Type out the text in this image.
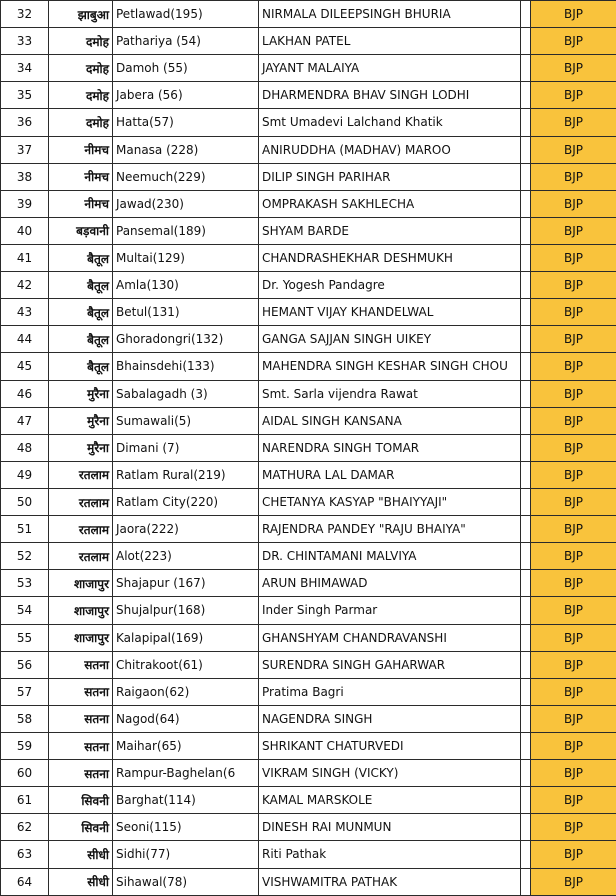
32	झाबुआ	Petlawad(195)	NIRMALA DILEEPSINGH BHURIA		BJP
33	दमोह	Pathariya (54)	LAKHAN PATEL		BJP
34	दमोह	Damoh (55)	JAYANT MALAIYA		BJP
35	दमोह	Jabera (56)	DHARMENDRA BHAV SINGH LODHI		BJP
36	दमोह	Hatta(57)	Smt Umadevi Lalchand Khatik		BJP
37	नीमच	Manasa (228)	ANIRUDDHA (MADHAV) MAROO		BJP
38	नीमच	Neemuch(229)	DILIP SINGH PARIHAR		BJP
39	नीमच	Jawad(230)	OMPRAKASH SAKHLECHA		BJP
40	बड़वानी	Pansemal(189)	SHYAM BARDE		BJP
41	बैतूल	Multai(129)	CHANDRASHEKHAR DESHMUKH		BJP
42	बैतूल	Amla(130)	Dr. Yogesh Pandagre		BJP
43	बैतूल	Betul(131)	HEMANT VIJAY KHANDELWAL		BJP
44	बैतूल	Ghoradongri(132)	GANGA SAJJAN SINGH UIKEY		BJP
45	बैतूल	Bhainsdehi(133)	MAHENDRA SINGH KESHAR SINGH CHOU		BJP
46	मुरैना	Sabalagadh (3)	Smt. Sarla vijendra Rawat		BJP
47	मुरैना	Sumawali(5)	AIDAL SINGH KANSANA		BJP
48	मुरैना	Dimani (7)	NARENDRA SINGH TOMAR		BJP
49	रतलाम	Ratlam Rural(219)	MATHURA LAL DAMAR		BJP
50	रतलाम	Ratlam City(220)	CHETANYA KASYAP "BHAIYYAJI"		BJP
51	रतलाम	Jaora(222)	RAJENDRA PANDEY "RAJU BHAIYA"		BJP
52	रतलाम	Alot(223)	DR. CHINTAMANI MALVIYA		BJP
53	शाजापुर	Shajapur (167)	ARUN BHIMAWAD		BJP
54	शाजापुर	Shujalpur(168)	Inder Singh Parmar		BJP
55	शाजापुर	Kalapipal(169)	GHANSHYAM CHANDRAVANSHI		BJP
56	सतना	Chitrakoot(61)	SURENDRA SINGH GAHARWAR		BJP
57	सतना	Raigaon(62)	Pratima Bagri		BJP
58	सतना	Nagod(64)	NAGENDRA SINGH		BJP
59	सतना	Maihar(65)	SHRIKANT CHATURVEDI		BJP
60	सतना	Rampur-Baghelan(6	VIKRAM SINGH (VICKY)		BJP
61	सिवनी	Barghat(114)	KAMAL MARSKOLE		BJP
62	सिवनी	Seoni(115)	DINESH RAI MUNMUN		BJP
63	सीधी	Sidhi(77)	Riti Pathak		BJP
64	सीधी	Sihawal(78)	VISHWAMITRA PATHAK		BJP
